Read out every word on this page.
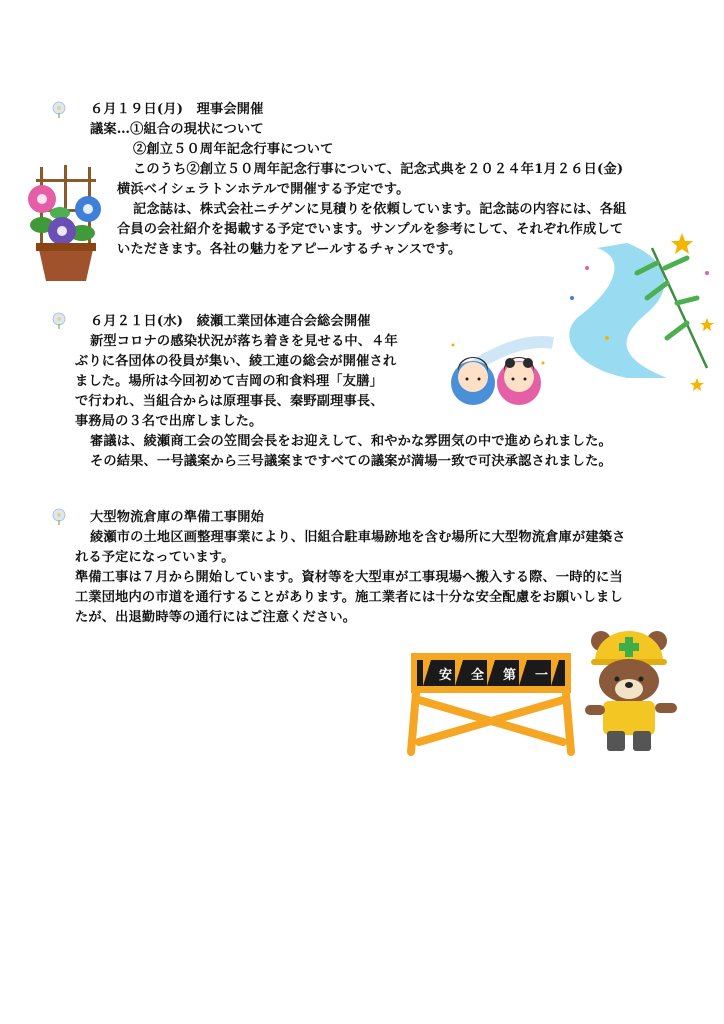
６月１９日(月)　理事会開催
議案…①組合の現状について
②創立５０周年記念行事について
このうち②創立５０周年記念行事について、記念式典を２０２４年1月２６日(金)
横浜ベイシェラトンホテルで開催する予定です。
記念誌は、株式会社ニチゲンに見積りを依頼しています。記念誌の内容には、各組
合員の会社紹介を掲載する予定でいます。サンプルを参考にして、それぞれ作成して
いただきます。各社の魅力をアピールするチャンスです。
６月２１日(水)　綾瀬工業団体連合会総会開催
新型コロナの感染状況が落ち着きを見せる中、４年
ぶりに各団体の役員が集い、綾工連の総会が開催され
ました。場所は今回初めて吉岡の和食料理「友膳」
で行われ、当組合からは原理事長、秦野副理事長、
事務局の３名で出席しました。
審議は、綾瀬商工会の笠間会長をお迎えして、和やかな雰囲気の中で進められました。
その結果、一号議案から三号議案まですべての議案が満場一致で可決承認されました。
大型物流倉庫の準備工事開始
綾瀬市の土地区画整理事業により、旧組合駐車場跡地を含む場所に大型物流倉庫が建築さ
れる予定になっています。
準備工事は７月から開始しています。資材等を大型車が工事現場へ搬入する際、一時的に当
工業団地内の市道を通行することがあります。施工業者には十分な安全配慮をお願いしまし
たが、出退勤時等の通行にはご注意ください。
安 全 第 一
